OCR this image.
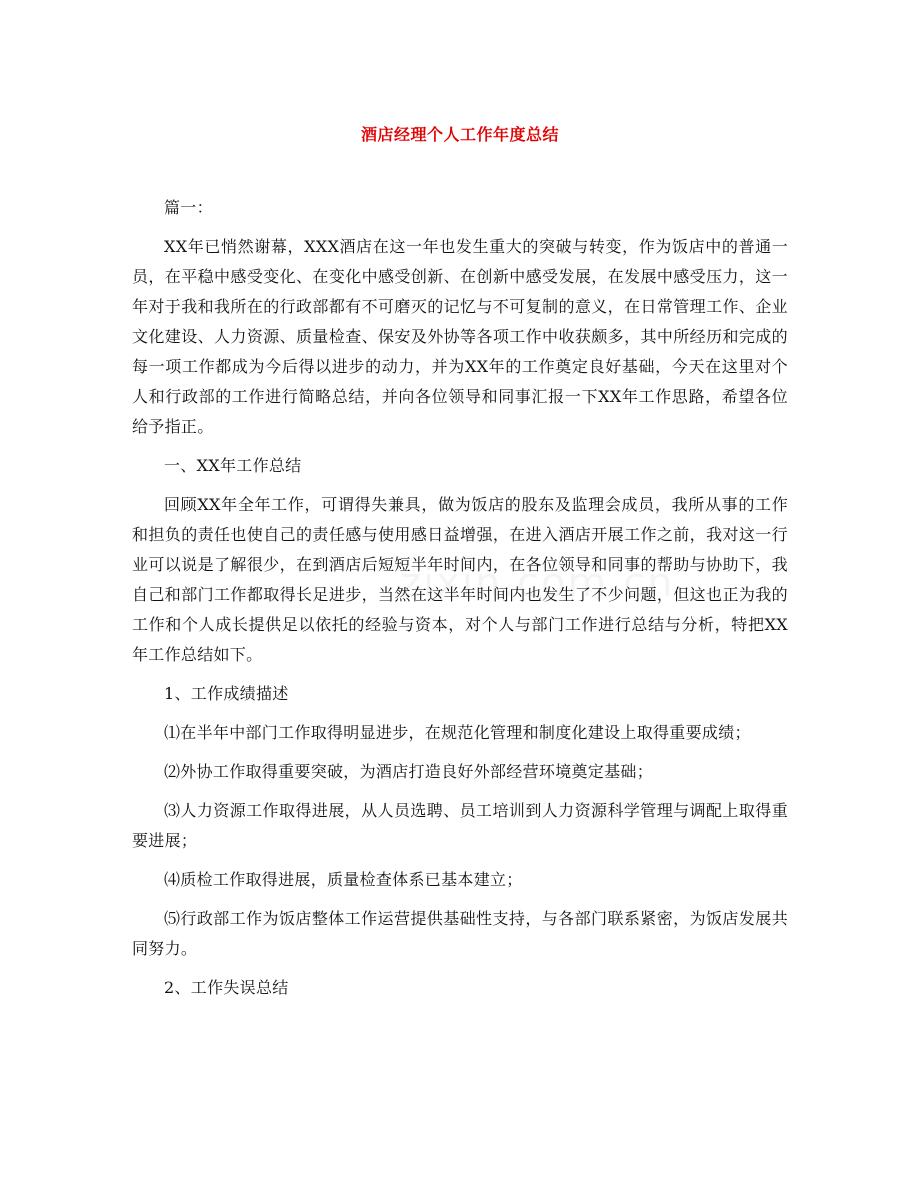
酒店经理个人工作年度总结

篇一：

XX年已悄然谢幕，XXX酒店在这一年也发生重大的突破与转变，作为饭店中的普通一员，在平稳中感受变化、在变化中感受创新、在创新中感受发展，在发展中感受压力，这一年对于我和我所在的行政部都有不可磨灭的记忆与不可复制的意义，在日常管理工作、企业文化建设、人力资源、质量检查、保安及外协等各项工作中收获颇多，其中所经历和完成的每一项工作都成为今后得以进步的动力，并为XX年的工作奠定良好基础，今天在这里对个人和行政部的工作进行简略总结，并向各位领导和同事汇报一下XX年工作思路，希望各位给予指正。

一、XX年工作总结

回顾XX年全年工作，可谓得失兼具，做为饭店的股东及监理会成员，我所从事的工作和担负的责任也使自己的责任感与使用感日益增强，在进入酒店开展工作之前，我对这一行业可以说是了解很少，在到酒店后短短半年时间内，在各位领导和同事的帮助与协助下，我自己和部门工作都取得长足进步，当然在这半年时间内也发生了不少问题，但这也正为我的工作和个人成长提供足以依托的经验与资本，对个人与部门工作进行总结与分析，特把XX年工作总结如下。

1、工作成绩描述

⑴在半年中部门工作取得明显进步，在规范化管理和制度化建设上取得重要成绩；

⑵外协工作取得重要突破，为酒店打造良好外部经营环境奠定基础；

⑶人力资源工作取得进展，从人员选聘、员工培训到人力资源科学管理与调配上取得重要进展；

⑷质检工作取得进展，质量检查体系已基本建立；

⑸行政部工作为饭店整体工作运营提供基础性支持，与各部门联系紧密，为饭店发展共同努力。

2、工作失误总结
